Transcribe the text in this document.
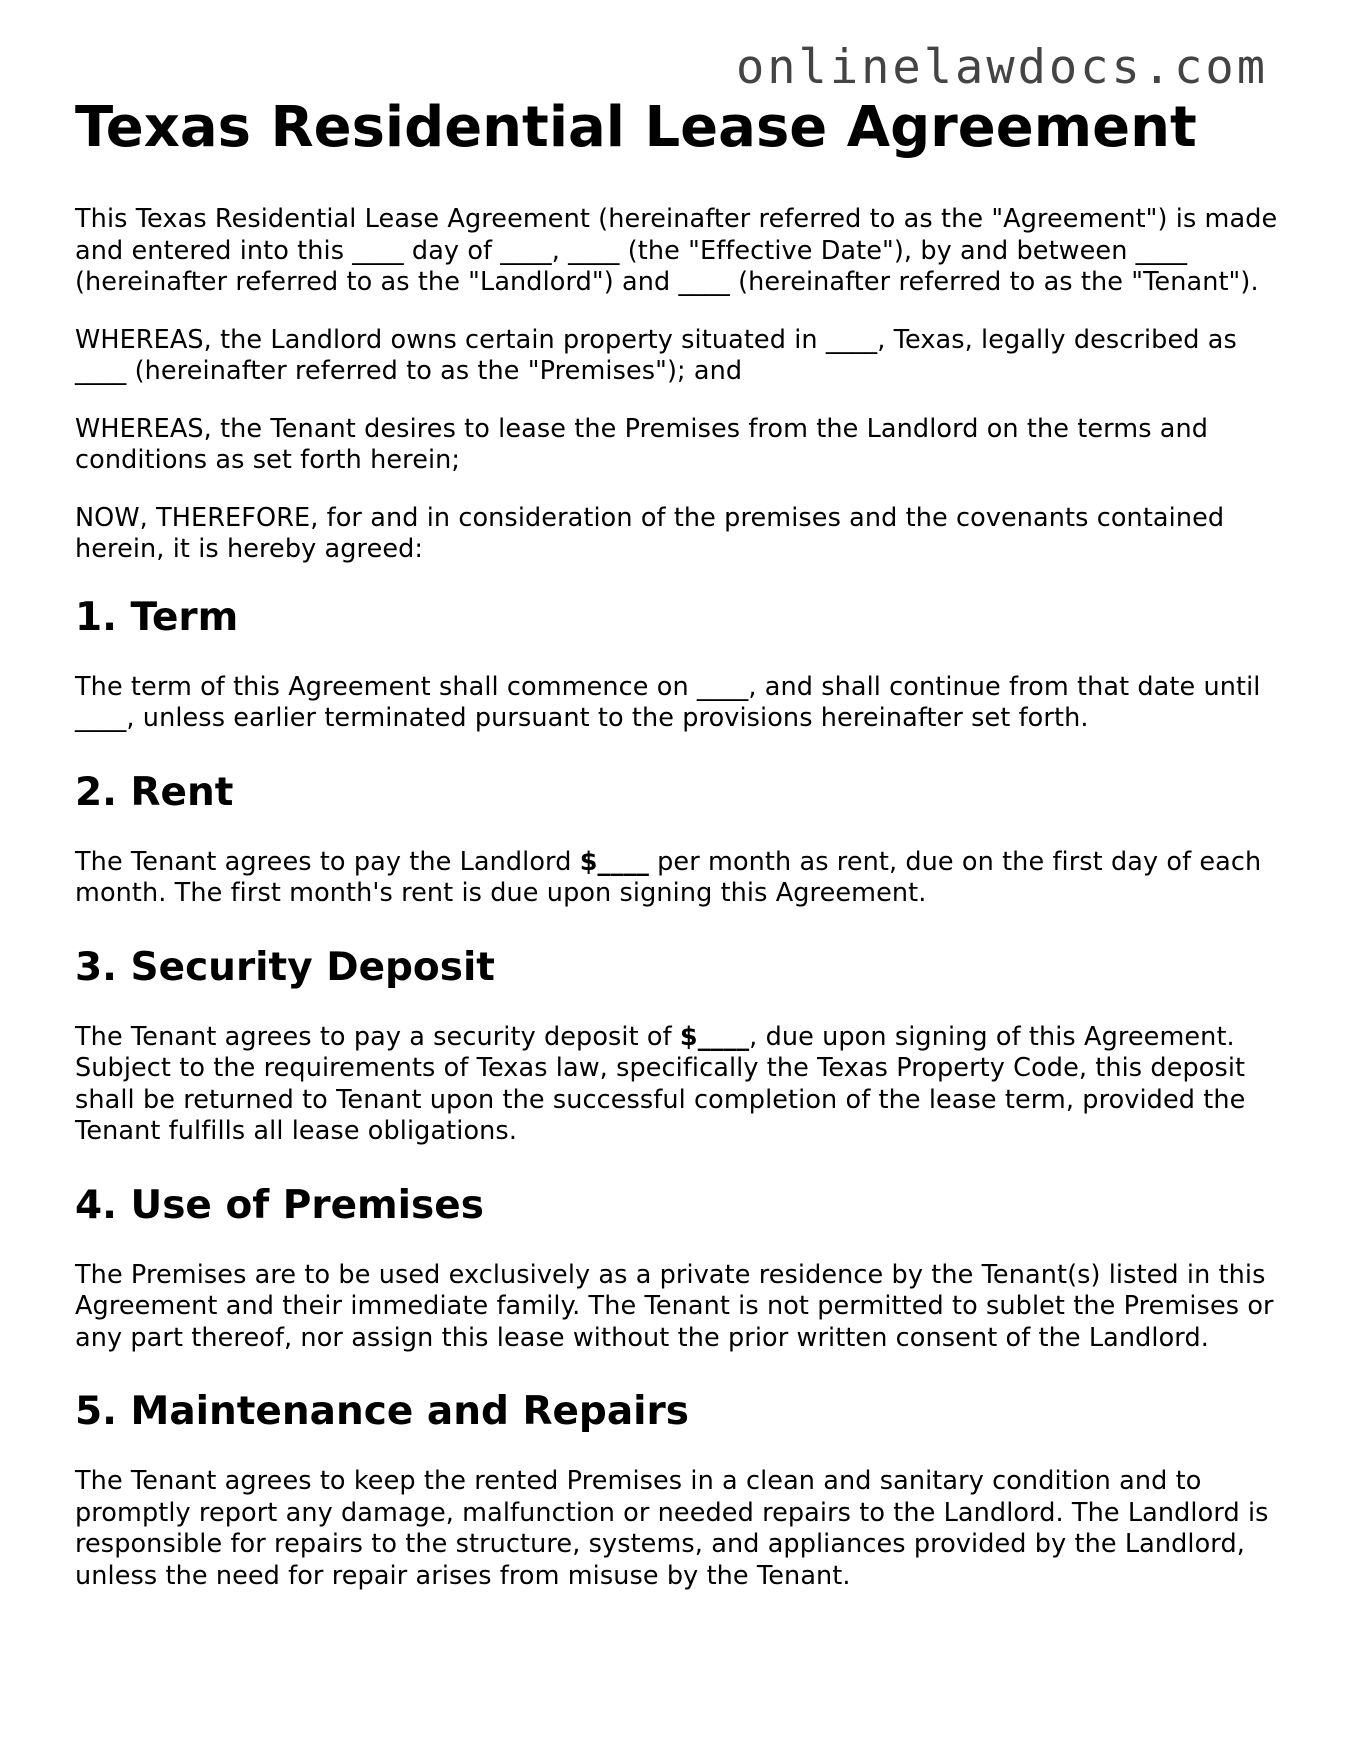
onlinelawdocs.com
Texas Residential Lease Agreement

This Texas Residential Lease Agreement (hereinafter referred to as the "Agreement") is made and entered into this ____ day of ____, ____ (the "Effective Date"), by and between ____ (hereinafter referred to as the "Landlord") and ____ (hereinafter referred to as the "Tenant").

WHEREAS, the Landlord owns certain property situated in ____, Texas, legally described as ____ (hereinafter referred to as the "Premises"); and

WHEREAS, the Tenant desires to lease the Premises from the Landlord on the terms and conditions as set forth herein;

NOW, THEREFORE, for and in consideration of the premises and the covenants contained herein, it is hereby agreed:

1. Term

The term of this Agreement shall commence on ____, and shall continue from that date until ____, unless earlier terminated pursuant to the provisions hereinafter set forth.

2. Rent

The Tenant agrees to pay the Landlord $____ per month as rent, due on the first day of each month. The first month's rent is due upon signing this Agreement.

3. Security Deposit

The Tenant agrees to pay a security deposit of $____, due upon signing of this Agreement. Subject to the requirements of Texas law, specifically the Texas Property Code, this deposit shall be returned to Tenant upon the successful completion of the lease term, provided the Tenant fulfills all lease obligations.

4. Use of Premises

The Premises are to be used exclusively as a private residence by the Tenant(s) listed in this Agreement and their immediate family. The Tenant is not permitted to sublet the Premises or any part thereof, nor assign this lease without the prior written consent of the Landlord.

5. Maintenance and Repairs

The Tenant agrees to keep the rented Premises in a clean and sanitary condition and to promptly report any damage, malfunction or needed repairs to the Landlord. The Landlord is responsible for repairs to the structure, systems, and appliances provided by the Landlord, unless the need for repair arises from misuse by the Tenant.
